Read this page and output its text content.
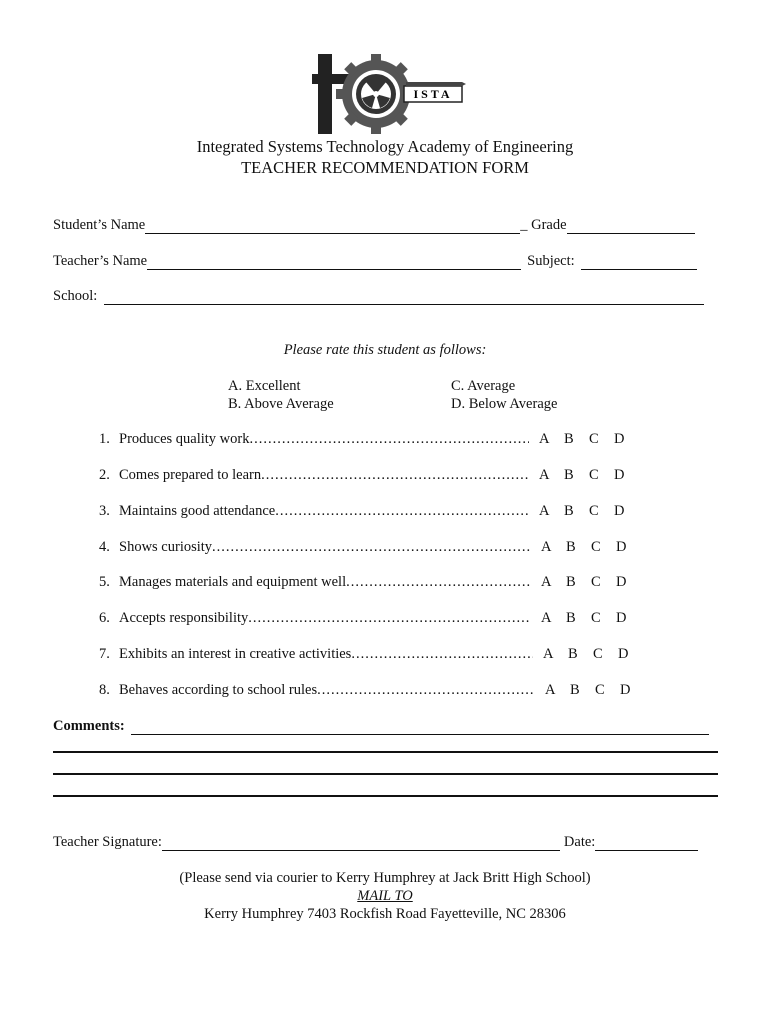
ISTA
Integrated Systems Technology Academy of Engineering
TEACHER RECOMMENDATION FORM
Student’s Name	_ Grade
Teacher’s Name	Subject:
School:
Please rate this student as follows:
A. Excellent
B. Above Average
C. Average
D. Below Average
1. Produces quality work .....	A	B	C	D
2. Comes prepared to learn .....	A	B	C	D
3. Maintains good attendance .....	A	B	C	D
4. Shows curiosity .....	A	B	C	D
5. Manages materials and equipment well .....	A	B	C	D
6. Accepts responsibility .....	A	B	C	D
7. Exhibits an interest in creative activities .....	A	B	C	D
8. Behaves according to school rules .....	A	B	C	D
Comments:
Teacher Signature:	Date:
(Please send via courier to Kerry Humphrey at Jack Britt High School)
MAIL TO
Kerry Humphrey 7403 Rockfish Road Fayetteville, NC 28306
